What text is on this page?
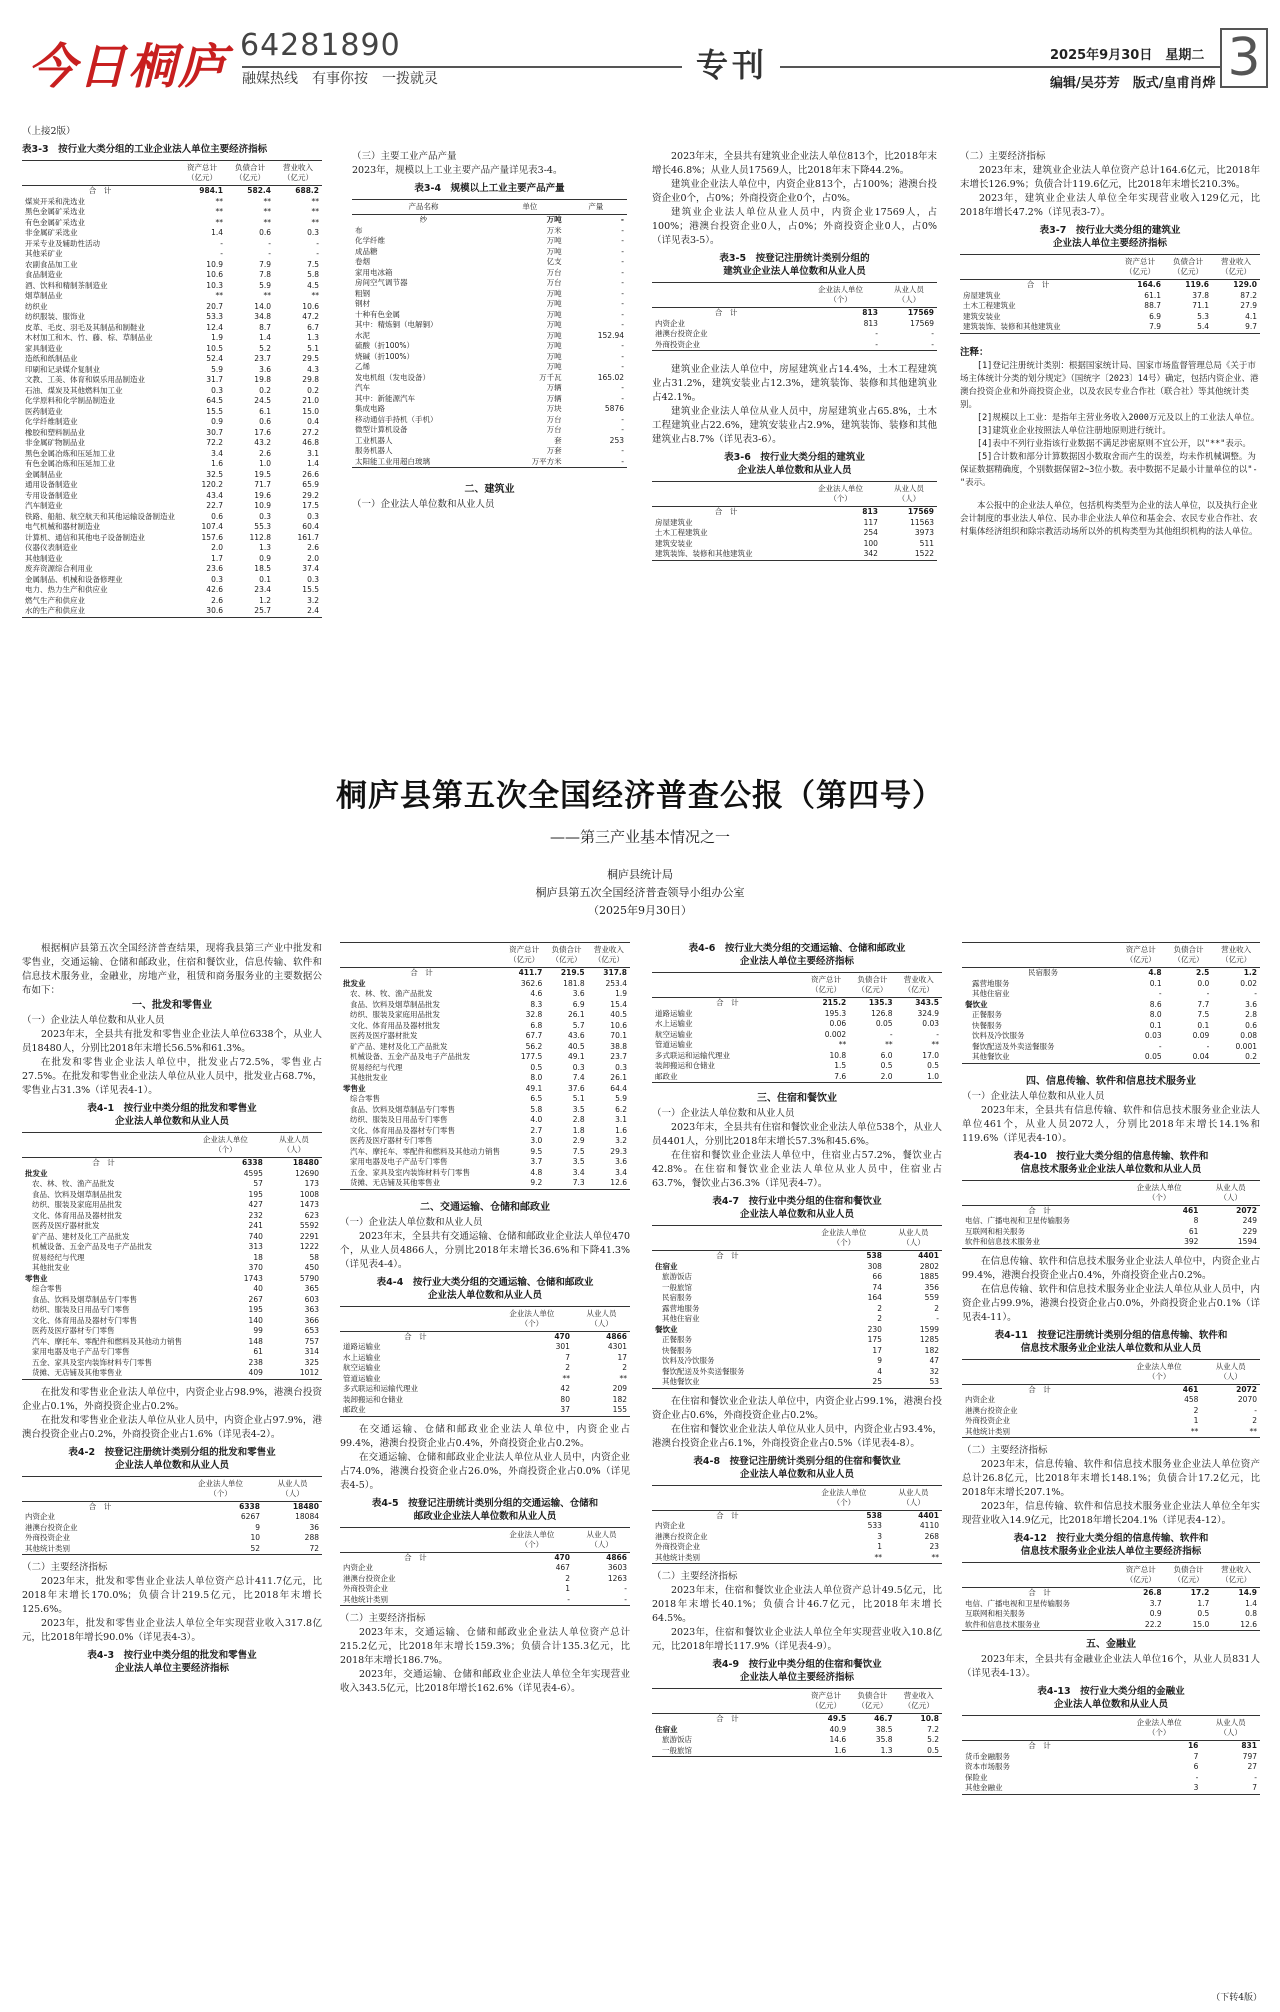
今日桐庐 64281890
融媒热线　有事你按　一拨就灵	专刊	2025年9月30日　星期二
编辑/吴芬芳　版式/皇甫肖烨 3
（上接2版）
表3-3　按行业大类分组的工业企业法人单位主要经济指标
	资产总计
（亿元）	负债合计
（亿元）	营业收入
（亿元）
合　计	984.1	582.4	688.2
煤炭开采和洗选业	**	**	**
黑色金属矿采选业	**	**	**
有色金属矿采选业	**	**	**
非金属矿采选业	1.4	0.6	0.3
开采专业及辅助性活动	-	-	-
其他采矿业	-	-	-
农副食品加工业	10.9	7.9	7.5
食品制造业	10.6	7.8	5.8
酒、饮料和精制茶制造业	10.3	5.9	4.5
烟草制品业	**	**	**
纺织业	20.7	14.0	10.6
纺织服装、服饰业	53.3	34.8	47.2
皮革、毛皮、羽毛及其制品和制鞋业	12.4	8.7	6.7
木材加工和木、竹、藤、棕、草制品业	1.9	1.4	1.3
家具制造业	10.5	5.2	5.1
造纸和纸制品业	52.4	23.7	29.5
印刷和记录媒介复制业	5.9	3.6	4.3
文教、工美、体育和娱乐用品制造业	31.7	19.8	29.8
石油、煤炭及其他燃料加工业	0.3	0.2	0.2
化学原料和化学制品制造业	64.5	24.5	21.0
医药制造业	15.5	6.1	15.0
化学纤维制造业	0.9	0.6	0.4
橡胶和塑料制品业	30.7	17.6	27.2
非金属矿物制品业	72.2	43.2	46.8
黑色金属冶炼和压延加工业	3.4	2.6	3.1
有色金属冶炼和压延加工业	1.6	1.0	1.4
金属制品业	32.5	19.5	26.6
通用设备制造业	120.2	71.7	65.9
专用设备制造业	43.4	19.6	29.2
汽车制造业	22.7	10.9	17.5
铁路、船舶、航空航天和其他运输设备制造业	0.6	0.3	0.3
电气机械和器材制造业	107.4	55.3	60.4
计算机、通信和其他电子设备制造业	157.6	112.8	161.7
仪器仪表制造业	2.0	1.3	2.6
其他制造业	1.7	0.9	2.0
废弃资源综合利用业	23.6	18.5	37.4
金属制品、机械和设备修理业	0.3	0.1	0.3
电力、热力生产和供应业	42.6	23.4	15.5
燃气生产和供应业	2.6	1.2	3.2
水的生产和供应业	30.6	25.7	2.4
（三）主要工业产品产量
2023年，规模以上工业主要产品产量详见表3-4。
表3-4　规模以上工业主要产品产量
产品名称	单位	产量
纱	万吨	-
布	万米	-
化学纤维	万吨	-
成品糖	万吨	-
卷烟	亿支	-
家用电冰箱	万台	-
房间空气调节器	万台	-
粗钢	万吨	-
钢材	万吨	-
十种有色金属	万吨	-
其中：精炼铜（电解铜）	万吨	-
水泥	万吨	152.94
硫酸（折100%）	万吨	-
烧碱（折100%）	万吨	-
乙烯	万吨	-
发电机组（发电设备）	万千瓦	165.02
汽车	万辆	-
其中：新能源汽车	万辆	-
集成电路	万块	5876
移动通信手持机（手机）	万台	-
微型计算机设备	万台	-
工业机器人	套	253
服务机器人	万套	-
太阳能工业用超白玻璃	万平方米	-
二、建筑业
（一）企业法人单位数和从业人员

2023年末，全县共有建筑业企业法人单位813个，比2018年末增长46.8%；从业人员17569人，比2018年末下降44.2%。

建筑业企业法人单位中，内资企业813个，占100%；港澳台投资企业0个，占0%；外商投资企业0个，占0%。

建筑业企业法人单位从业人员中，内资企业17569人，占100%；港澳台投资企业0人，占0%；外商投资企业0人，占0%（详见表3-5）。

表3-5　按登记注册统计类别分组的
建筑业企业法人单位数和从业人员
	企业法人单位
（个）	从业人员
（人）
合　计	813	17569
内资企业	813	17569
港澳台投资企业	-	-
外商投资企业	-	-

建筑业企业法人单位中，房屋建筑业占14.4%，土木工程建筑业占31.2%，建筑安装业占12.3%，建筑装饰、装修和其他建筑业占42.1%。

建筑业企业法人单位从业人员中，房屋建筑业占65.8%，土木工程建筑业占22.6%，建筑安装业占2.9%，建筑装饰、装修和其他建筑业占8.7%（详见表3-6）。

表3-6　按行业大类分组的建筑业
企业法人单位数和从业人员
	企业法人单位
（个）	从业人员
（人）
合　计	813	17569
房屋建筑业	117	11563
土木工程建筑业	254	3973
建筑安装业	100	511
建筑装饰、装修和其他建筑业	342	1522
（二）主要经济指标

2023年末，建筑业企业法人单位资产总计164.6亿元，比2018年末增长126.9%；负债合计119.6亿元，比2018年末增长210.3%。

2023年，建筑业企业法人单位全年实现营业收入129亿元，比2018年增长47.2%（详见表3-7）。

表3-7　按行业大类分组的建筑业
企业法人单位主要经济指标
	资产总计
（亿元）	负债合计
（亿元）	营业收入
（亿元）
合　计	164.6	119.6	129.0
房屋建筑业	61.1	37.8	87.2
土木工程建筑业	88.7	71.1	27.9
建筑安装业	6.9	5.3	4.1
建筑装饰、装修和其他建筑业	7.9	5.4	9.7
注释：

[1]登记注册统计类别：根据国家统计局、国家市场监督管理总局《关于市场主体统计分类的划分规定》（国统字〔2023〕14号）确定，包括内资企业、港澳台投资企业和外商投资企业，以及农民专业合作社（联合社）等其他统计类别。

[2]规模以上工业：是指年主营业务收入2000万元及以上的工业法人单位。

[3]建筑业企业按照法人单位注册地原则进行统计。

[4]表中不列行业指该行业数据不满足涉密原则不宜公开，以"**"表示。

[5]合计数和部分计算数据因小数取舍而产生的误差，均未作机械调整。为保证数据精确度，个别数据保留2~3位小数。表中数据不足最小计量单位的以"-"表示。

本公报中的企业法人单位，包括机构类型为企业的法人单位，以及执行企业会计制度的事业法人单位、民办非企业法人单位和基金会、农民专业合作社、农村集体经济组织和除宗教活动场所以外的机构类型为其他组织机构的法人单位。

桐庐县第五次全国经济普查公报（第四号）
——第三产业基本情况之一
桐庐县统计局
桐庐县第五次全国经济普查领导小组办公室
（2025年9月30日）

根据桐庐县第五次全国经济普查结果，现将我县第三产业中批发和零售业，交通运输、仓储和邮政业，住宿和餐饮业，信息传输、软件和信息技术服务业，金融业，房地产业，租赁和商务服务业的主要数据公布如下：

一、批发和零售业
（一）企业法人单位数和从业人员

2023年末，全县共有批发和零售业企业法人单位6338个，从业人员18480人，分别比2018年末增长56.5%和61.3%。

在批发和零售业企业法人单位中，批发业占72.5%，零售业占27.5%。在批发和零售业企业法人单位从业人员中，批发业占68.7%，零售业占31.3%（详见表4-1）。

表4-1　按行业中类分组的批发和零售业
企业法人单位数和从业人员
	企业法人单位
（个）	从业人员
（人）
合　计	6338	18480
批发业	4595	12690
农、林、牧、渔产品批发	57	173
食品、饮料及烟草制品批发	195	1008
纺织、服装及家庭用品批发	427	1473
文化、体育用品及器材批发	232	623
医药及医疗器材批发	241	5592
矿产品、建材及化工产品批发	740	2291
机械设备、五金产品及电子产品批发	313	1222
贸易经纪与代理	18	58
其他批发业	370	450
零售业	1743	5790
综合零售	40	365
食品、饮料及烟草制品专门零售	267	603
纺织、服装及日用品专门零售	195	363
文化、体育用品及器材专门零售	140	366
医药及医疗器材专门零售	99	653
汽车、摩托车、零配件和燃料及其他动力销售	148	757
家用电器及电子产品专门零售	61	314
五金、家具及室内装饰材料专门零售	238	325
货摊、无店铺及其他零售业	409	1012

在批发和零售业企业法人单位中，内资企业占98.9%，港澳台投资企业占0.1%，外商投资企业占0.2%。

在批发和零售业企业法人单位从业人员中，内资企业占97.9%，港澳台投资企业占0.2%，外商投资企业占1.6%（详见表4-2）。

表4-2　按登记注册统计类别分组的批发和零售业
企业法人单位数和从业人员
	企业法人单位
（个）	从业人员
（人）
合　计	6338	18480
内资企业	6267	18084
港澳台投资企业	9	36
外商投资企业	10	288
其他统计类别	52	72
（二）主要经济指标

2023年末，批发和零售业企业法人单位资产总计411.7亿元，比2018年末增长170.0%；负债合计219.5亿元，比2018年末增长125.6%。

2023年，批发和零售业企业法人单位全年实现营业收入317.8亿元，比2018年增长90.0%（详见表4-3）。

表4-3　按行业中类分组的批发和零售业
企业法人单位主要经济指标
	资产总计
（亿元）	负债合计
（亿元）	营业收入
（亿元）
合　计	411.7	219.5	317.8
批发业	362.6	181.8	253.4
农、林、牧、渔产品批发	4.6	3.6	1.9
食品、饮料及烟草制品批发	8.3	6.9	15.4
纺织、服装及家庭用品批发	32.8	26.1	40.5
文化、体育用品及器材批发	6.8	5.7	10.6
医药及医疗器材批发	67.7	43.6	70.1
矿产品、建材及化工产品批发	56.2	40.5	38.8
机械设备、五金产品及电子产品批发	177.5	49.1	23.7
贸易经纪与代理	0.5	0.3	0.3
其他批发业	8.0	7.4	26.1
零售业	49.1	37.6	64.4
综合零售	6.5	5.1	5.9
食品、饮料及烟草制品专门零售	5.8	3.5	6.2
纺织、服装及日用品专门零售	4.0	2.8	3.1
文化、体育用品及器材专门零售	2.7	1.8	1.6
医药及医疗器材专门零售	3.0	2.9	3.2
汽车、摩托车、零配件和燃料及其他动力销售	9.5	7.5	29.3
家用电器及电子产品专门零售	3.7	3.5	3.6
五金、家具及室内装饰材料专门零售	4.8	3.4	3.4
货摊、无店铺及其他零售业	9.2	7.3	12.6
二、交通运输、仓储和邮政业
（一）企业法人单位数和从业人员

2023年末，全县共有交通运输、仓储和邮政业企业法人单位470个，从业人员4866人，分别比2018年末增长36.6%和下降41.3%（详见表4-4）。

表4-4　按行业大类分组的交通运输、仓储和邮政业
企业法人单位数和从业人员
	企业法人单位
（个）	从业人员
（人）
合　计	470	4866
道路运输业	301	4301
水上运输业	7	17
航空运输业	2	2
管道运输业	**	**
多式联运和运输代理业	42	209
装卸搬运和仓储业	80	182
邮政业	37	155

在交通运输、仓储和邮政业企业法人单位中，内资企业占99.4%，港澳台投资企业占0.4%，外商投资企业占0.2%。

在交通运输、仓储和邮政业企业法人单位从业人员中，内资企业占74.0%，港澳台投资企业占26.0%，外商投资企业占0.0%（详见表4-5）。

表4-5　按登记注册统计类别分组的交通运输、仓储和
邮政业企业法人单位数和从业人员
	企业法人单位
（个）	从业人员
（人）
合　计	470	4866
内资企业	467	3603
港澳台投资企业	2	1263
外商投资企业	1	-
其他统计类别	-	-
（二）主要经济指标

2023年末，交通运输、仓储和邮政业企业法人单位资产总计215.2亿元，比2018年末增长159.3%；负债合计135.3亿元，比2018年末增长186.7%。

2023年，交通运输、仓储和邮政业企业法人单位全年实现营业收入343.5亿元，比2018年增长162.6%（详见表4-6）。

表4-6　按行业大类分组的交通运输、仓储和邮政业
企业法人单位主要经济指标
	资产总计
（亿元）	负债合计
（亿元）	营业收入
（亿元）
合　计	215.2	135.3	343.5
道路运输业	195.3	126.8	324.9
水上运输业	0.06	0.05	0.03
航空运输业	0.002	-	-
管道运输业	**	**	**
多式联运和运输代理业	10.8	6.0	17.0
装卸搬运和仓储业	1.5	0.5	0.5
邮政业	7.6	2.0	1.0
三、住宿和餐饮业
（一）企业法人单位数和从业人员

2023年末，全县共有住宿和餐饮业企业法人单位538个，从业人员4401人，分别比2018年末增长57.3%和45.6%。

在住宿和餐饮业企业法人单位中，住宿业占57.2%，餐饮业占42.8%。在住宿和餐饮业企业法人单位从业人员中，住宿业占63.7%，餐饮业占36.3%（详见表4-7）。

表4-7　按行业中类分组的住宿和餐饮业
企业法人单位数和从业人员
	企业法人单位
（个）	从业人员
（人）
合　计	538	4401
住宿业	308	2802
旅游饭店	66	1885
一般旅馆	74	356
民宿服务	164	559
露营地服务	2	2
其他住宿业	2	-
餐饮业	230	1599
正餐服务	175	1285
快餐服务	17	182
饮料及冷饮服务	9	47
餐饮配送及外卖送餐服务	4	32
其他餐饮业	25	53

在住宿和餐饮业企业法人单位中，内资企业占99.1%，港澳台投资企业占0.6%，外商投资企业占0.2%。

在住宿和餐饮业企业法人单位从业人员中，内资企业占93.4%，港澳台投资企业占6.1%，外商投资企业占0.5%（详见表4-8）。

表4-8　按登记注册统计类别分组的住宿和餐饮业
企业法人单位数和从业人员
	企业法人单位
（个）	从业人员
（人）
合　计	538	4401
内资企业	533	4110
港澳台投资企业	3	268
外商投资企业	1	23
其他统计类别	**	**
（二）主要经济指标

2023年末，住宿和餐饮业企业法人单位资产总计49.5亿元，比2018年末增长40.1%；负债合计46.7亿元，比2018年末增长64.5%。

2023年，住宿和餐饮业企业法人单位全年实现营业收入10.8亿元，比2018年增长117.9%（详见表4-9）。

表4-9　按行业中类分组的住宿和餐饮业
企业法人单位主要经济指标
	资产总计
（亿元）	负债合计
（亿元）	营业收入
（亿元）
合　计	49.5	46.7	10.8
住宿业	40.9	38.5	7.2
旅游饭店	14.6	35.8	5.2
一般旅馆	1.6	1.3	0.5
	资产总计
（亿元）	负债合计
（亿元）	营业收入
（亿元）
民宿服务	4.8	2.5	1.2
露营地服务	0.1	0.0	0.02
其他住宿业	-	-	-
餐饮业	8.6	7.7	3.6
正餐服务	8.0	7.5	2.8
快餐服务	0.1	0.1	0.6
饮料及冷饮服务	0.03	0.09	0.08
餐饮配送及外卖送餐服务	-	-	0.001
其他餐饮业	0.05	0.04	0.2
四、信息传输、软件和信息技术服务业
（一）企业法人单位数和从业人员

2023年末，全县共有信息传输、软件和信息技术服务业企业法人单位461个，从业人员2072人，分别比2018年末增长14.1%和119.6%（详见表4-10）。

表4-10　按行业大类分组的信息传输、软件和
信息技术服务业企业法人单位数和从业人员
	企业法人单位
（个）	从业人员
（人）
合　计	461	2072
电信、广播电视和卫星传输服务	8	249
互联网和相关服务	61	229
软件和信息技术服务业	392	1594

在信息传输、软件和信息技术服务业企业法人单位中，内资企业占99.4%，港澳台投资企业占0.4%，外商投资企业占0.2%。

在信息传输、软件和信息技术服务业企业法人单位从业人员中，内资企业占99.9%，港澳台投资企业占0.0%，外商投资企业占0.1%（详见表4-11）。

表4-11　按登记注册统计类别分组的信息传输、软件和
信息技术服务业企业法人单位数和从业人员
	企业法人单位
（个）	从业人员
（人）
合　计	461	2072
内资企业	458	2070
港澳台投资企业	2	-
外商投资企业	1	2
其他统计类别	**	**
（二）主要经济指标

2023年末，信息传输、软件和信息技术服务业企业法人单位资产总计26.8亿元，比2018年末增长148.1%；负债合计17.2亿元，比2018年末增长207.1%。

2023年，信息传输、软件和信息技术服务业企业法人单位全年实现营业收入14.9亿元，比2018年增长204.1%（详见表4-12）。

表4-12　按行业大类分组的信息传输、软件和
信息技术服务业企业法人单位主要经济指标
	资产总计
（亿元）	负债合计
（亿元）	营业收入
（亿元）
合　计	26.8	17.2	14.9
电信、广播电视和卫星传输服务	3.7	1.7	1.4
互联网和相关服务	0.9	0.5	0.8
软件和信息技术服务业	22.2	15.0	12.6
五、金融业

2023年末，全县共有金融业企业法人单位16个，从业人员831人（详见表4-13）。

表4-13　按行业大类分组的金融业
企业法人单位数和从业人员
	企业法人单位
（个）	从业人员
（人）
合　计	16	831
货币金融服务	7	797
资本市场服务	6	27
保险业	-	-
其他金融业	3	7
（下转4版）
